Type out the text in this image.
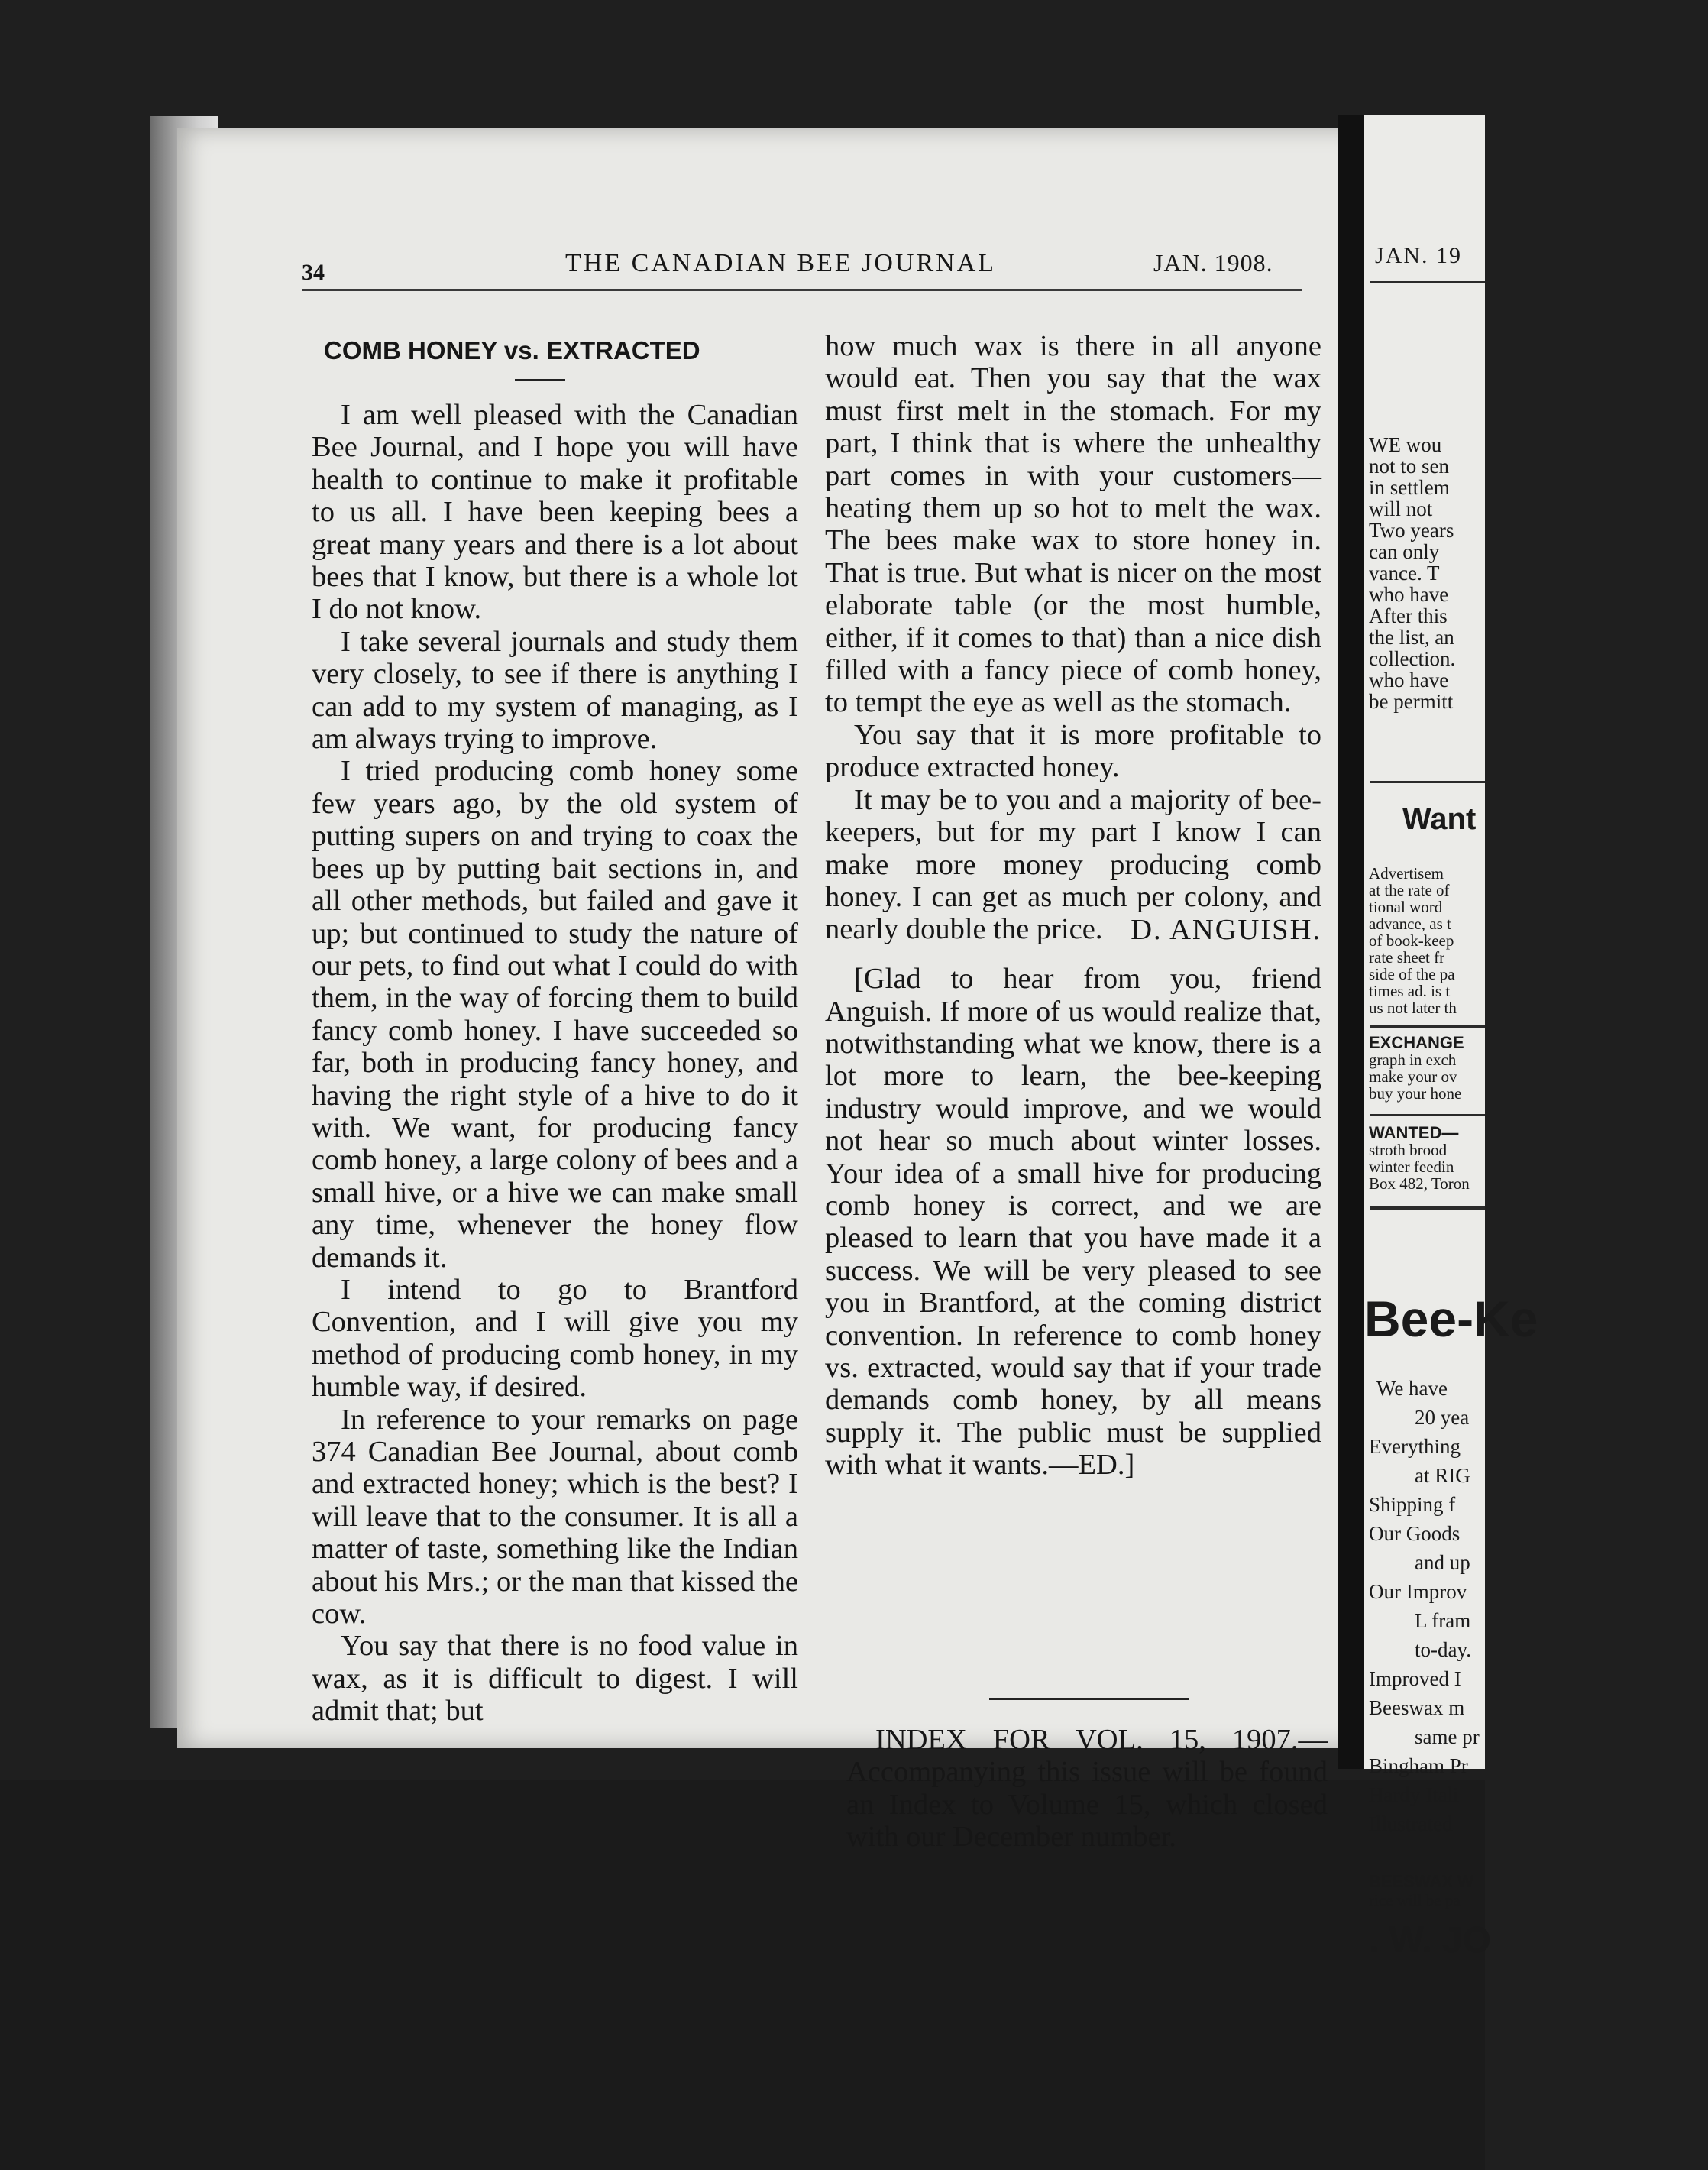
34	THE CANADIAN BEE JOURNAL	JAN. 1908.
COMB HONEY vs. EXTRACTED

I am well pleased with the Canadian Bee Journal, and I hope you will have health to continue to make it profitable to us all. I have been keeping bees a great many years and there is a lot about bees that I know, but there is a whole lot I do not know.

I take several journals and study them very closely, to see if there is anything I can add to my system of managing, as I am always trying to improve.

I tried producing comb honey some few years ago, by the old system of putting supers on and trying to coax the bees up by putting bait sections in, and all other methods, but failed and gave it up; but continued to study the nature of our pets, to find out what I could do with them, in the way of forcing them to build fancy comb honey. I have succeeded so far, both in producing fancy honey, and having the right style of a hive to do it with. We want, for producing fancy comb honey, a large colony of bees and a small hive, or a hive we can make small any time, whenever the honey flow demands it.

I intend to go to Brantford Convention, and I will give you my method of producing comb honey, in my humble way, if desired.

In reference to your remarks on page 374 Canadian Bee Journal, about comb and extracted honey; which is the best? I will leave that to the consumer. It is all a matter of taste, something like the Indian about his Mrs.; or the man that kissed the cow.

You say that there is no food value in wax, as it is difficult to digest. I will admit that; but

how much wax is there in all anyone would eat. Then you say that the wax must first melt in the stomach. For my part, I think that is where the unhealthy part comes in with your customers—heating them up so hot to melt the wax. The bees make wax to store honey in. That is true. But what is nicer on the most elaborate table (or the most humble, either, if it comes to that) than a nice dish filled with a fancy piece of comb honey, to tempt the eye as well as the stomach.

You say that it is more profitable to produce extracted honey.

It may be to you and a majority of bee-keepers, but for my part I know I can make more money producing comb honey. I can get as much per colony, and nearly double the price. D. ANGUISH.

[Glad to hear from you, friend Anguish. If more of us would realize that, notwithstanding what we know, there is a lot more to learn, the bee-keeping industry would improve, and we would not hear so much about winter losses. Your idea of a small hive for producing comb honey is correct, and we are pleased to learn that you have made it a success. We will be very pleased to see you in Brantford, at the coming district convention. In reference to comb honey vs. extracted, would say that if your trade demands comb honey, by all means supply it. The public must be supplied with what it wants.—ED.]

INDEX FOR VOL. 15, 1907.—Accompanying this issue will be found an Index to Volume 15, which closed with our December number.
JAN. 19
WE wou
not to sen
in settlem
will not
Two years
can only
vance. T
who have
After this
the list, an
collection.
who have
be permitt
Want
Advertisem
at the rate of
tional word
advance, as t
of book-keep
rate sheet fr
side of the pa
times ad. is t
us not later th
EXCHANGE
graph in exch
make your ov
buy your hone
WANTED—
stroth brood
winter feedin
Box 482, Toron
Bee-Ke
We have
20 yea
Everything
at RIG
Shipping f
Our Goods
and up
Our Improv
L fram
to-day.
Improved I
Beeswax m
same pr
Bingham Pr
Hardy Itali
Illustrated
BEESWAX W
rice will be pa
. W. JO
